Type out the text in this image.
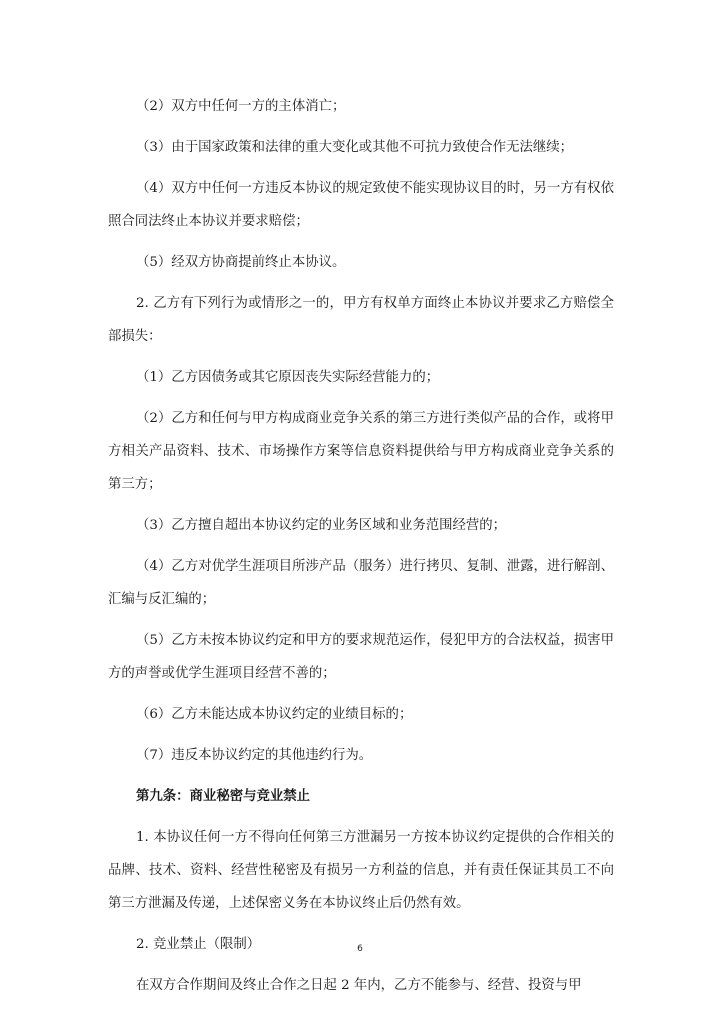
（2）双方中任何一方的主体消亡；

（3）由于国家政策和法律的重大变化或其他不可抗力致使合作无法继续；

（4）双方中任何一方违反本协议的规定致使不能实现协议目的时，另一方有权依照合同法终止本协议并要求赔偿；

（5）经双方协商提前终止本协议。

2. 乙方有下列行为或情形之一的，甲方有权单方面终止本协议并要求乙方赔偿全部损失：

（1）乙方因债务或其它原因丧失实际经营能力的；

（2）乙方和任何与甲方构成商业竞争关系的第三方进行类似产品的合作，或将甲方相关产品资料、技术、市场操作方案等信息资料提供给与甲方构成商业竞争关系的第三方；

（3）乙方擅自超出本协议约定的业务区域和业务范围经营的；

（4）乙方对优学生涯项目所涉产品（服务）进行拷贝、复制、泄露，进行解剖、汇编与反汇编的；

（5）乙方未按本协议约定和甲方的要求规范运作，侵犯甲方的合法权益，损害甲方的声誉或优学生涯项目经营不善的；

（6）乙方未能达成本协议约定的业绩目标的；

（7）违反本协议约定的其他违约行为。

第九条：商业秘密与竞业禁止

1. 本协议任何一方不得向任何第三方泄漏另一方按本协议约定提供的合作相关的品牌、技术、资料、经营性秘密及有损另一方利益的信息，并有责任保证其员工不向第三方泄漏及传递，上述保密义务在本协议终止后仍然有效。

2. 竞业禁止（限制）

在双方合作期间及终止合作之日起 2 年内，乙方不能参与、经营、投资与甲

6
